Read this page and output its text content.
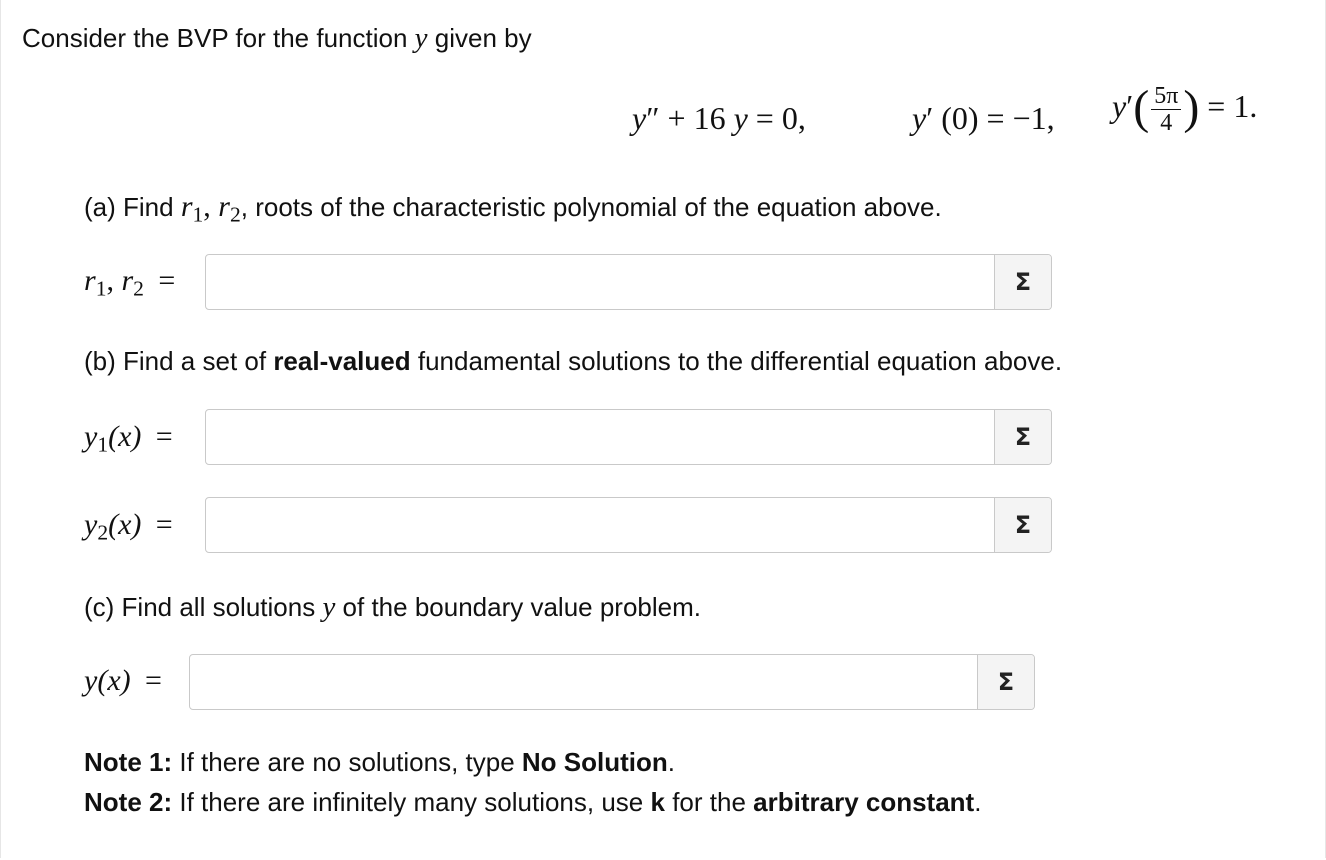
Consider the BVP for the function y given by
y″ + 16 y = 0,	y′ (0) = −1, $y'( \frac{5\pi}{4}$ ) = 1.
(a) Find $r_1$, $r_2$, roots of the characteristic polynomial of the equation above.
$r_1$, $r_2$ =	Σ
(b) Find a set of real-valued fundamental solutions to the differential equation above.
$y_1(x)$ =	Σ
$y_2(x)$ =	Σ
(c) Find all solutions y of the boundary value problem.
y(x) =	Σ
Note 1: If there are no solutions, type No Solution.
Note 2: If there are infinitely many solutions, use k for the arbitrary constant.
